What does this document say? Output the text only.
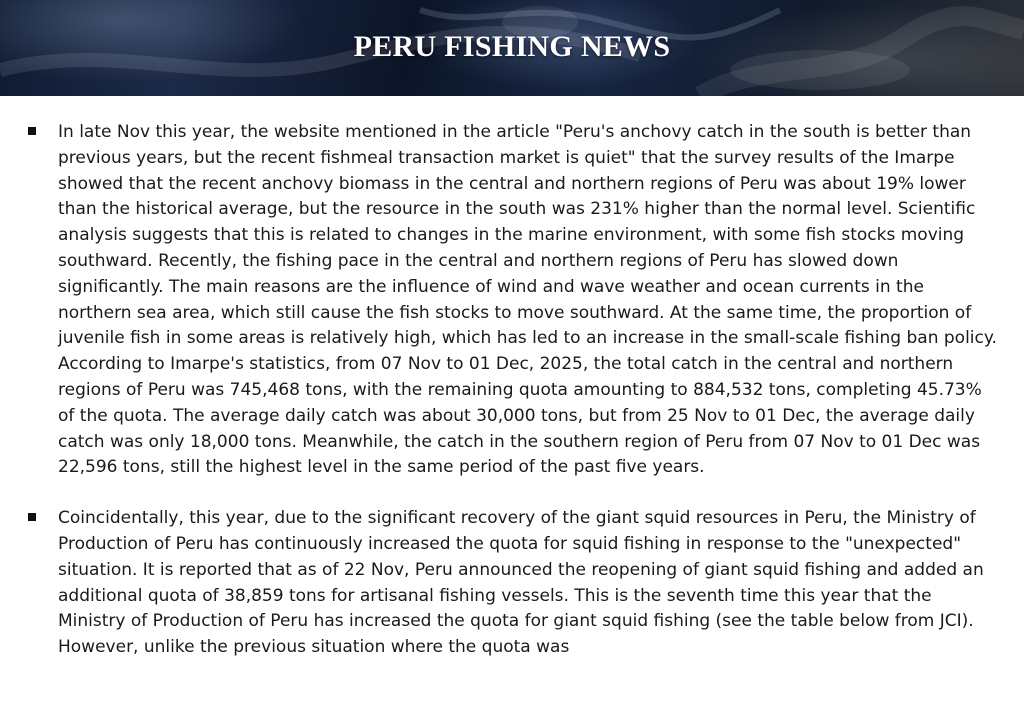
PERU FISHING NEWS
In late Nov this year, the website mentioned in the article "Peru's anchovy catch in the south is better than previous years, but the recent fishmeal transaction market is quiet" that the survey results of the Imarpe showed that the recent anchovy biomass in the central and northern regions of Peru was about 19% lower than the historical average, but the resource in the south was 231% higher than the normal level. Scientific analysis suggests that this is related to changes in the marine environment, with some fish stocks moving southward. Recently, the fishing pace in the central and northern regions of Peru has slowed down significantly. The main reasons are the influence of wind and wave weather and ocean currents in the northern sea area, which still cause the fish stocks to move southward. At the same time, the proportion of juvenile fish in some areas is relatively high, which has led to an increase in the small-scale fishing ban policy. According to Imarpe's statistics, from 07 Nov to 01 Dec, 2025, the total catch in the central and northern regions of Peru was 745,468 tons, with the remaining quota amounting to 884,532 tons, completing 45.73% of the quota. The average daily catch was about 30,000 tons, but from 25 Nov to 01 Dec, the average daily catch was only 18,000 tons. Meanwhile, the catch in the southern region of Peru from 07 Nov to 01 Dec was 22,596 tons, still the highest level in the same period of the past five years.
Coincidentally, this year, due to the significant recovery of the giant squid resources in Peru, the Ministry of Production of Peru has continuously increased the quota for squid fishing in response to the "unexpected" situation. It is reported that as of 22 Nov, Peru announced the reopening of giant squid fishing and added an additional quota of 38,859 tons for artisanal fishing vessels. This is the seventh time this year that the Ministry of Production of Peru has increased the quota for giant squid fishing (see the table below from JCI). However, unlike the previous situation where the quota was
